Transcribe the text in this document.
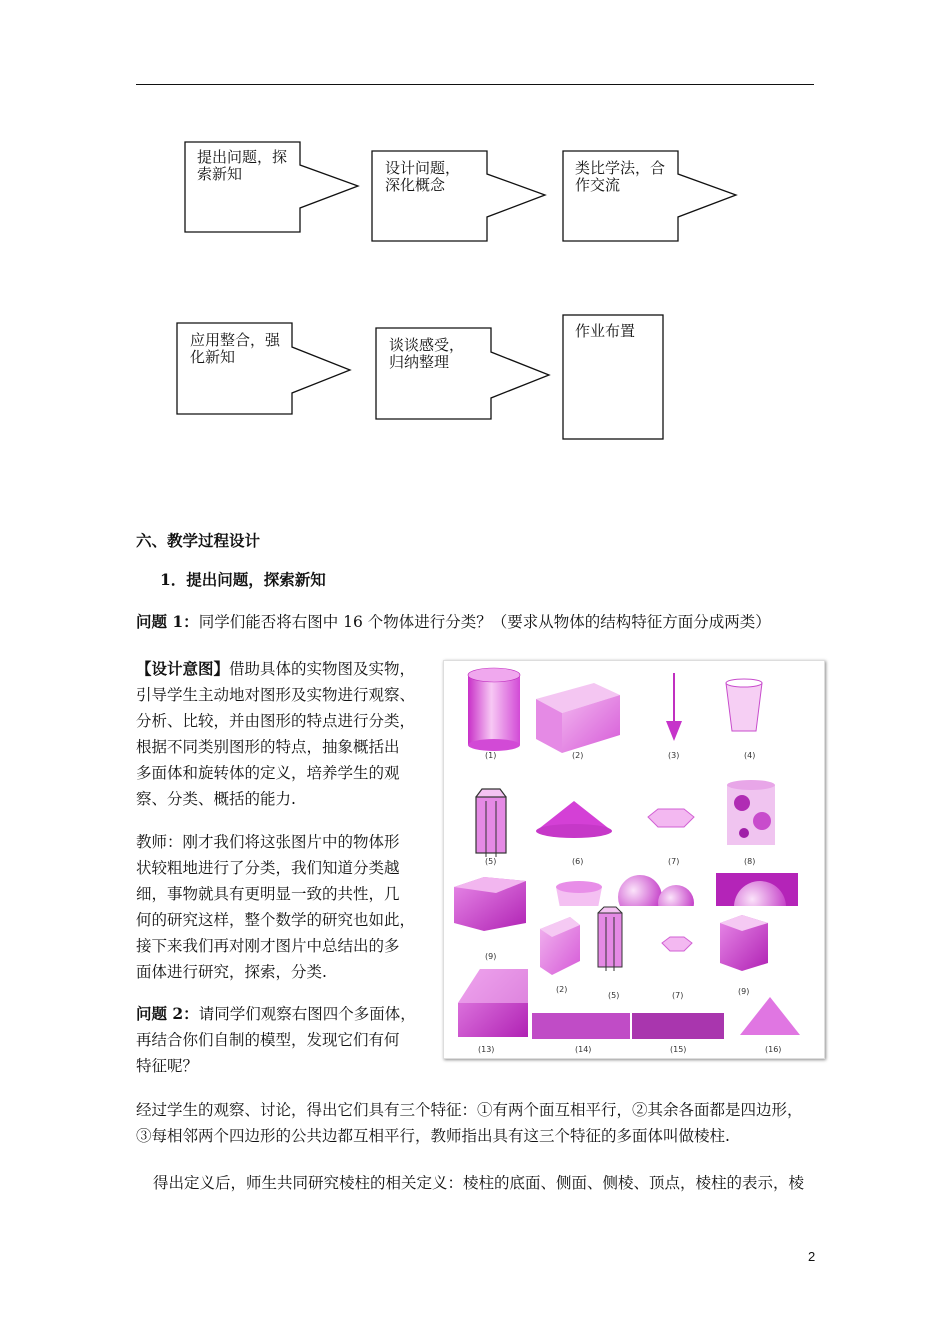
提出问题，探
索新知	设计问题，
深化概念
类比学法，合
作交流
应用整合，强
化新知
谈谈感受，
归纳整理
作业布置
六、教学过程设计
1．提出问题，探索新知
问题 1：同学们能否将右图中 16 个物体进行分类？（要求从物体的结构特征方面分成两类）
【设计意图】借助具体的实物图及实物，
引导学生主动地对图形及实物进行观察、
分析、比较，并由图形的特点进行分类，
根据不同类别图形的特点，抽象概括出
多面体和旋转体的定义，培养学生的观
察、分类、概括的能力.
教师：刚才我们将这张图片中的物体形
状较粗地进行了分类，我们知道分类越
细，事物就具有更明显一致的共性，几
何的研究这样，整个数学的研究也如此，
接下来我们再对刚才图片中总结出的多
面体进行研究，探索，分类.
问题 2：请同学们观察右图四个多面体，
再结合你们自制的模型，发现它们有何
特征呢？
经过学生的观察、讨论，得出它们具有三个特征：①有两个面互相平行，②其余各面都是四边形，
③每相邻两个四边形的公共边都互相平行，教师指出具有这三个特征的多面体叫做棱柱.
得出定义后，师生共同研究棱柱的相关定义：棱柱的底面、侧面、侧棱、顶点，棱柱的表示，棱
(1)	(2)	(3)	(4)
(5)	(6)	(7)	(8)
(9)
(2)
(5)	(7)	(9)
(13)	(14)	(15)	(16)
2
